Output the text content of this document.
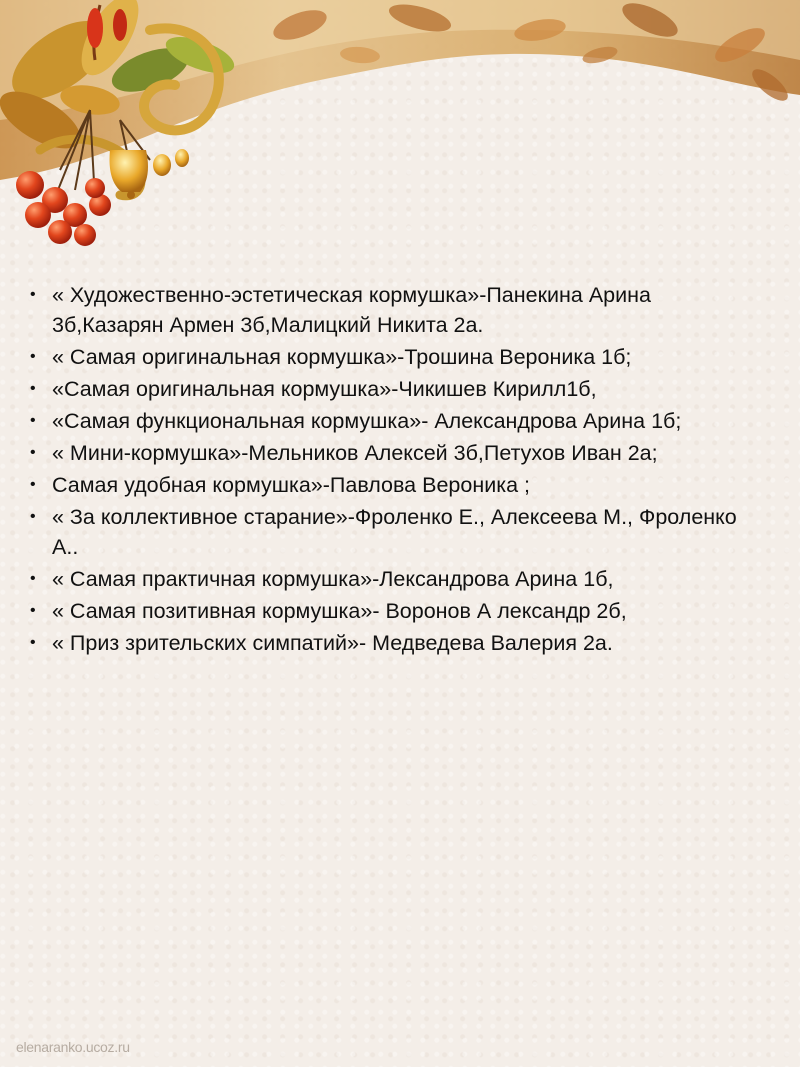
• « Художественно-эстетическая кормушка»-Панекина Арина 3б,Казарян Армен 3б,Малицкий Никита 2а.
• « Самая оригинальная кормушка»-Трошина Вероника 1б;
• «Самая оригинальная кормушка»-Чикишев Кирилл1б,
• «Самая функциональная кормушка»- Александрова Арина 1б;
• « Мини-кормушка»-Мельников Алексей 3б,Петухов Иван 2а;
• Самая удобная кормушка»-Павлова Вероника ;
• « За коллективное старание»-Фроленко Е., Алексеева М., Фроленко А..
• « Самая практичная кормушка»-Лексaндрова Арина 1б,
• « Самая позитивная кормушка»- Воронов А лександр 2б,
• « Приз зрительских симпатий»- Медведева Валерия 2а.
elenaranko.ucoz.ru
